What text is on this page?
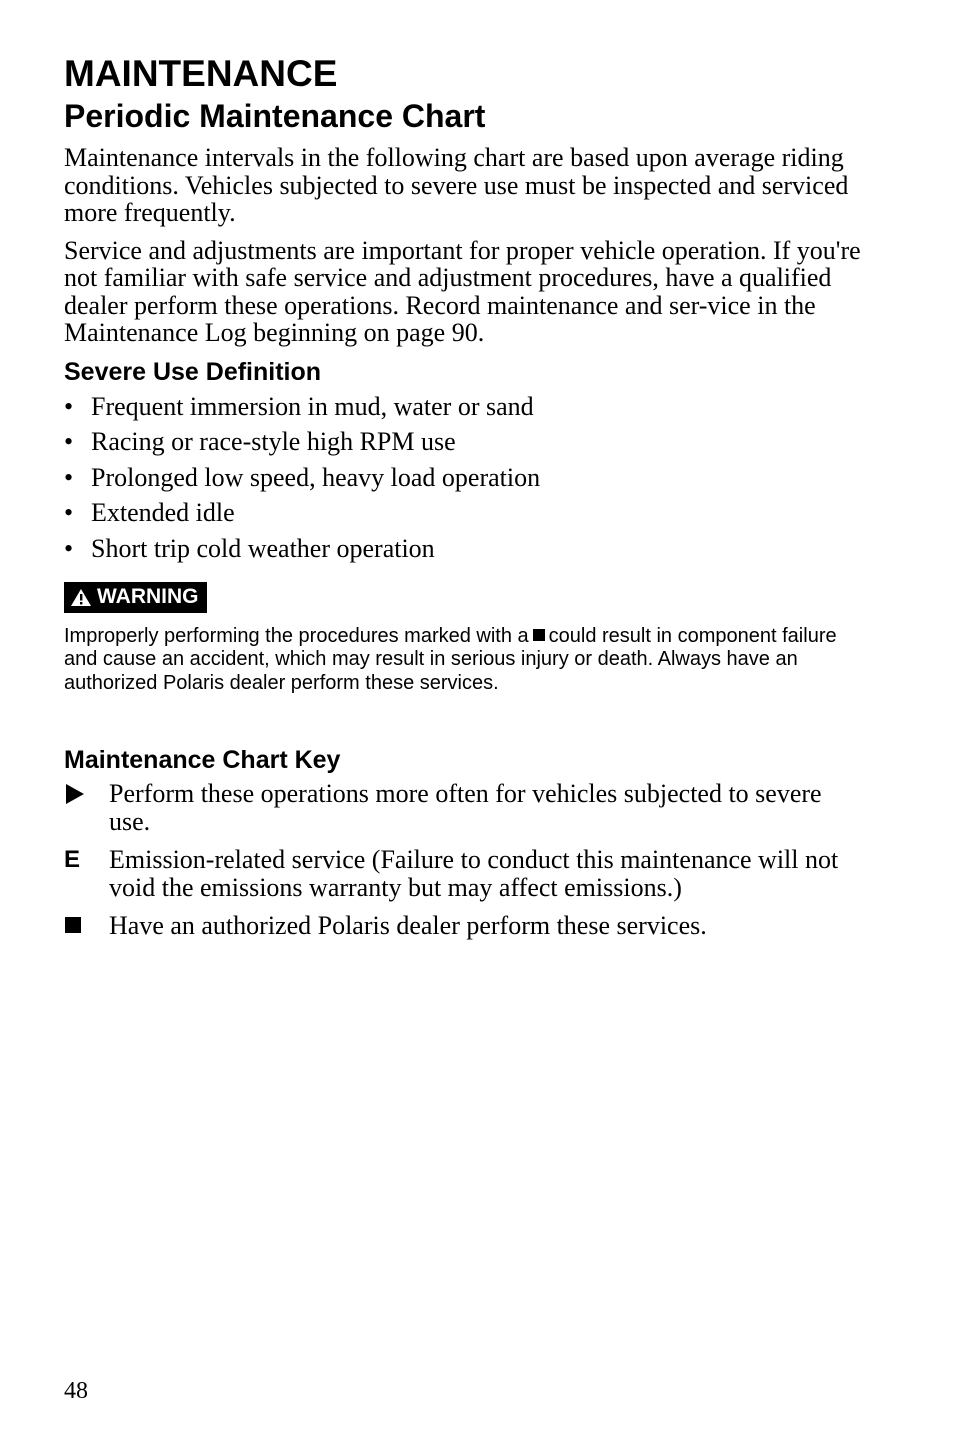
MAINTENANCE
Periodic Maintenance Chart

Maintenance intervals in the following chart are based upon average riding conditions. Vehicles subjected to severe use must be inspected and serviced more frequently.

Service and adjustments are important for proper vehicle operation. If you're not familiar with safe service and adjustment procedures, have a qualified dealer perform these operations. Record maintenance and ser-vice in the Maintenance Log beginning on page 90.

Severe Use Definition
• Frequent immersion in mud, water or sand
• Racing or race-style high RPM use
• Prolonged low speed, heavy load operation
• Extended idle
• Short trip cold weather operation
WARNING

Improperly performing the procedures marked with a could result in component failure and cause an accident, which may result in serious injury or death. Always have an authorized Polaris dealer perform these services.

Maintenance Chart Key
Perform these operations more often for vehicles subjected to severe use.
E Emission-related service (Failure to conduct this maintenance will not void the emissions warranty but may affect emissions.)
Have an authorized Polaris dealer perform these services.
48
